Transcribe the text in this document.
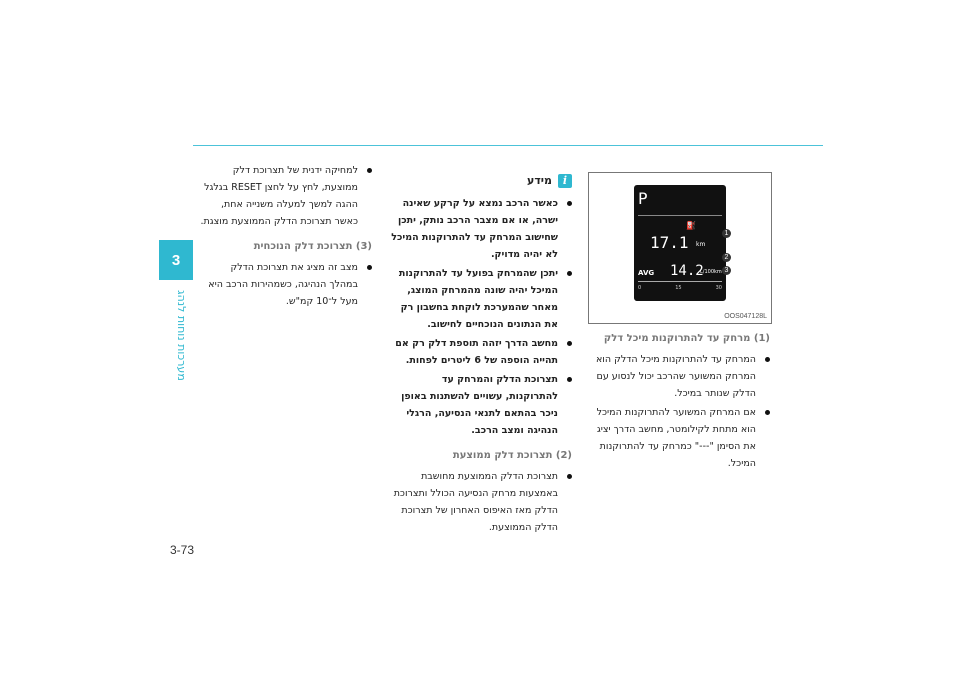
3
מערכות נוחות לנהג
3-73
P
⛽
17.1 km
AVG 14.2
L/100km
0	15	30
1
2
3
OOS047128L
(1) מרחק עד להתרוקנות מיכל דלק
המרחק עד להתרוקנות מיכל הדלק הוא המרחק המשוער שהרכב יכול לנסוע עם הדלק שנותר במיכל.
אם המרחק המשוער להתרוקנות המיכל הוא מתחת לקילומטר, מחשב הדרך יציג את הסימן "---" כמרחק עד להתרוקנות המיכל.
i
מידע
כאשר הרכב נמצא על קרקע שאינה ישרה, או אם מצבר הרכב נותק, יתכן שחישוב המרחק עד להתרוקנות המיכל לא יהיה מדויק.
יתכן שהמרחק בפועל עד להתרוקנות המיכל יהיה שונה מהמרחק המוצג, מאחר שהמערכת לוקחת בחשבון רק את הנתונים הנוכחיים לחישוב.
מחשב הדרך יזהה תוספת דלק רק אם תהייה הוספה של 6 ליטרים לפחות.
תצרוכת הדלק והמרחק עד להתרוקנות, עשויים להשתנות באופן ניכר בהתאם לתנאי הנסיעה, הרגלי הנהיגה ומצב הרכב.
(2) תצרוכת דלק ממוצעת
תצרוכת הדלק הממוצעת מחושבת באמצעות מרחק הנסיעה הכולל ותצרוכת הדלק מאז האיפוס האחרון של תצרוכת הדלק הממוצעת.
למחיקה ידנית של תצרוכת דלק ממוצעת, לחץ על לחצן RESET בגלגל ההגה למשך למעלה משנייה אחת, כאשר תצרוכת הדלק הממוצעת מוצגת.
(3) תצרוכת דלק הנוכחית
מצב זה מציג את תצרוכת הדלק במהלך הנהיגה, כשמהירות הרכב היא מעל ל־10 קמ"ש.
